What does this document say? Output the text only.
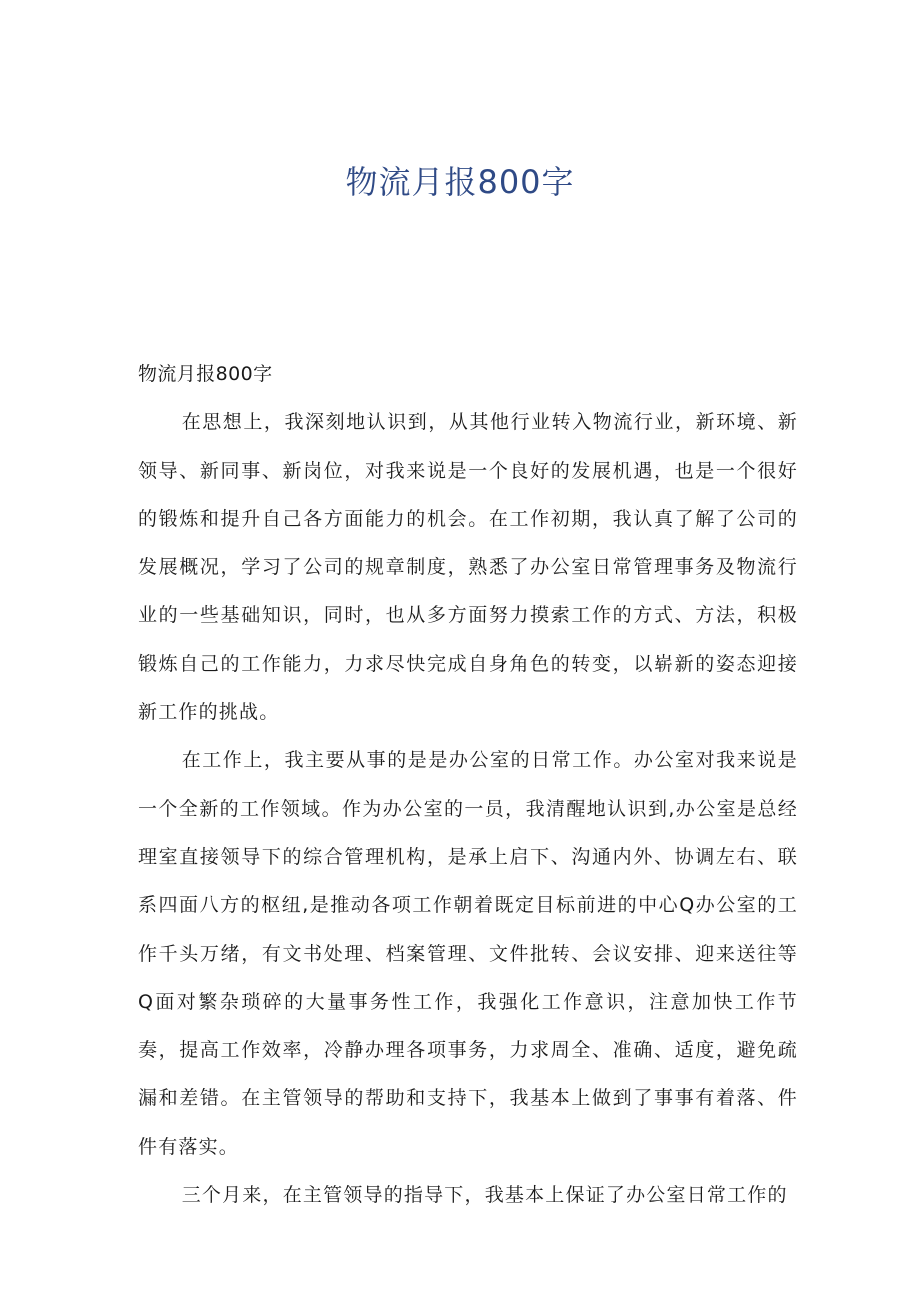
物流月报800字

物流月报800字

在思想上，我深刻地认识到，从其他行业转入物流行业，新环境、新领导、新同事、新岗位，对我来说是一个良好的发展机遇，也是一个很好的锻炼和提升自己各方面能力的机会。在工作初期，我认真了解了公司的发展概况，学习了公司的规章制度，熟悉了办公室日常管理事务及物流行业的一些基础知识，同时，也从多方面努力摸索工作的方式、方法，积极锻炼自己的工作能力，力求尽快完成自身角色的转变，以崭新的姿态迎接新工作的挑战。

在工作上，我主要从事的是是办公室的日常工作。办公室对我来说是一个全新的工作领域。作为办公室的一员，我清醒地认识到,办公室是总经理室直接领导下的综合管理机构，是承上启下、沟通内外、协调左右、联系四面八方的枢纽,是推动各项工作朝着既定目标前进的中心Q办公室的工作千头万绪，有文书处理、档案管理、文件批转、会议安排、迎来送往等Q面对繁杂琐碎的大量事务性工作，我强化工作意识，注意加快工作节奏，提高工作效率，冷静办理各项事务，力求周全、准确、适度，避免疏漏和差错。在主管领导的帮助和支持下，我基本上做到了事事有着落、件件有落实。

三个月来，在主管领导的指导下，我基本上保证了办公室日常工作的
